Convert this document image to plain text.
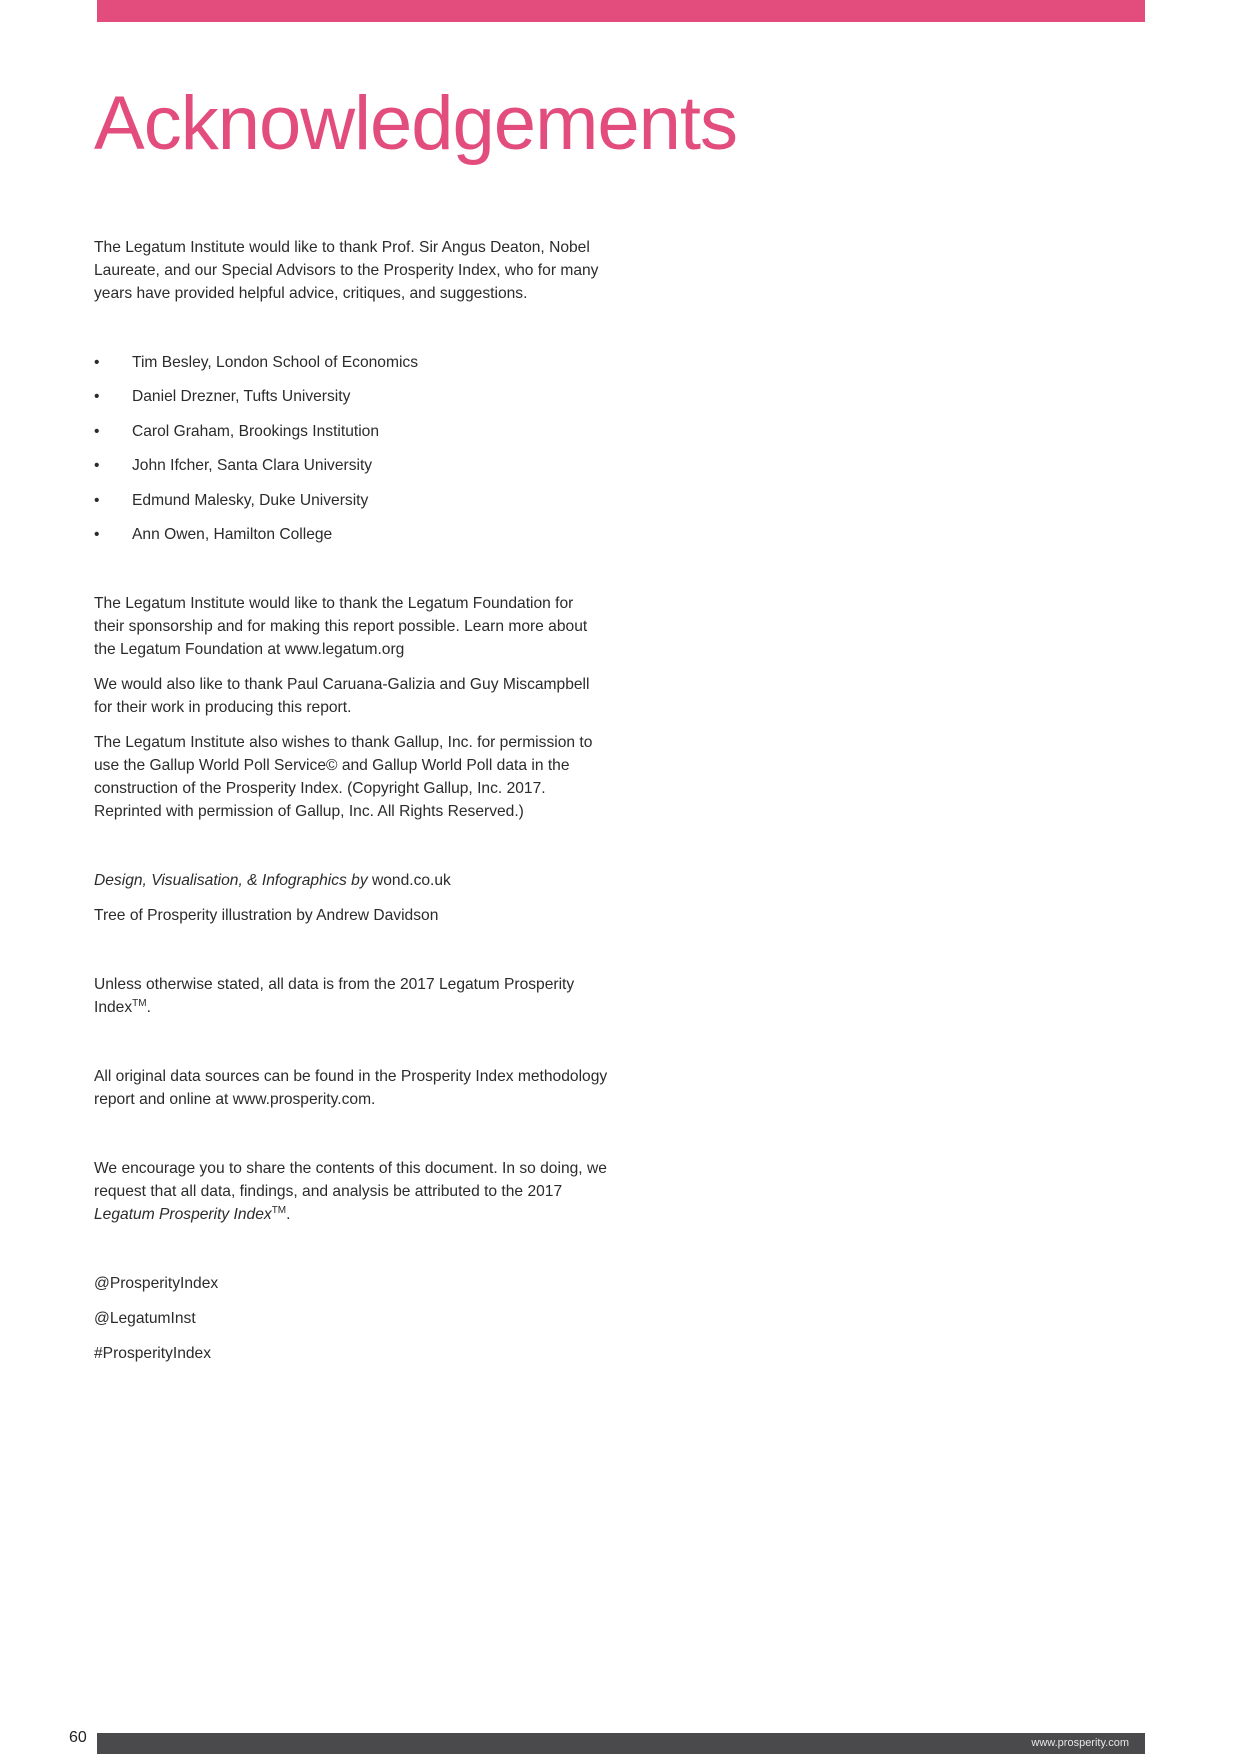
Acknowledgements

The Legatum Institute would like to thank Prof. Sir Angus Deaton, Nobel Laureate, and our Special Advisors to the Prosperity Index, who for many years have provided helpful advice, critiques, and suggestions.

• Tim Besley, London School of Economics
• Daniel Drezner, Tufts University
• Carol Graham, Brookings Institution
• John Ifcher, Santa Clara University
• Edmund Malesky, Duke University
• Ann Owen, Hamilton College

The Legatum Institute would like to thank the Legatum Foundation for their sponsorship and for making this report possible. Learn more about the Legatum Foundation at www.legatum.org

We would also like to thank Paul Caruana-Galizia and Guy Miscampbell for their work in producing this report.

The Legatum Institute also wishes to thank Gallup, Inc. for permission to use the Gallup World Poll Service© and Gallup World Poll data in the construction of the Prosperity Index. (Copyright Gallup, Inc. 2017. Reprinted with permission of Gallup, Inc. All Rights Reserved.)

Design, Visualisation, & Infographics by wond.co.uk

Tree of Prosperity illustration by Andrew Davidson

Unless otherwise stated, all data is from the 2017 Legatum Prosperity Index™.

All original data sources can be found in the Prosperity Index methodology report and online at www.prosperity.com.

We encourage you to share the contents of this document. In so doing, we request that all data, findings, and analysis be attributed to the 2017 Legatum Prosperity Index™.

@ProsperityIndex

@LegatumInst

#ProsperityIndex

60	www.prosperity.com
